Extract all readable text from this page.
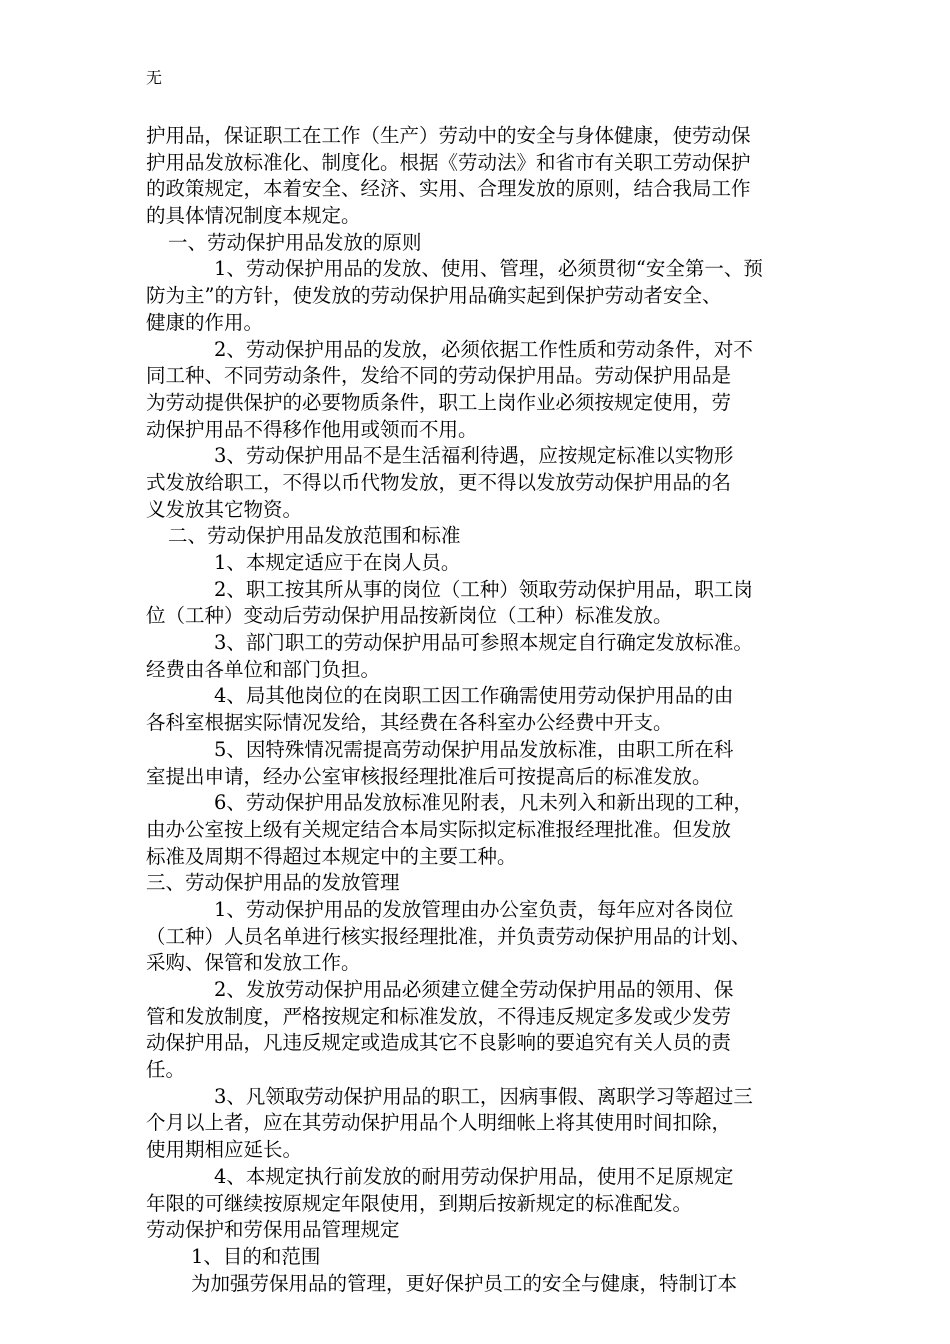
无
护用品，保证职工在工作（生产）劳动中的安全与身体健康，使劳动保
护用品发放标准化、制度化。根据《劳动法》和省市有关职工劳动保护
的政策规定，本着安全、经济、实用、合理发放的原则，结合我局工作
的具体情况制度本规定。
一、劳动保护用品发放的原则
1、劳动保护用品的发放、使用、管理，必须贯彻“安全第一、预
防为主”的方针，使发放的劳动保护用品确实起到保护劳动者安全、
健康的作用。
2、劳动保护用品的发放，必须依据工作性质和劳动条件，对不
同工种、不同劳动条件，发给不同的劳动保护用品。劳动保护用品是
为劳动提供保护的必要物质条件，职工上岗作业必须按规定使用，劳
动保护用品不得移作他用或领而不用。
3、劳动保护用品不是生活福利待遇，应按规定标准以实物形
式发放给职工，不得以币代物发放，更不得以发放劳动保护用品的名
义发放其它物资。
二、劳动保护用品发放范围和标准
1、本规定适应于在岗人员。
2、职工按其所从事的岗位（工种）领取劳动保护用品，职工岗
位（工种）变动后劳动保护用品按新岗位（工种）标准发放。
3、部门职工的劳动保护用品可参照本规定自行确定发放标准。
经费由各单位和部门负担。
4、局其他岗位的在岗职工因工作确需使用劳动保护用品的由
各科室根据实际情况发给，其经费在各科室办公经费中开支。
5、因特殊情况需提高劳动保护用品发放标准，由职工所在科
室提出申请，经办公室审核报经理批准后可按提高后的标准发放。
6、劳动保护用品发放标准见附表，凡未列入和新出现的工种，
由办公室按上级有关规定结合本局实际拟定标准报经理批准。但发放
标准及周期不得超过本规定中的主要工种。
三、劳动保护用品的发放管理
1、劳动保护用品的发放管理由办公室负责，每年应对各岗位
（工种）人员名单进行核实报经理批准，并负责劳动保护用品的计划、
采购、保管和发放工作。
2、发放劳动保护用品必须建立健全劳动保护用品的领用、保
管和发放制度，严格按规定和标准发放，不得违反规定多发或少发劳
动保护用品，凡违反规定或造成其它不良影响的要追究有关人员的责
任。
3、凡领取劳动保护用品的职工，因病事假、离职学习等超过三
个月以上者，应在其劳动保护用品个人明细帐上将其使用时间扣除，
使用期相应延长。
4、本规定执行前发放的耐用劳动保护用品，使用不足原规定
年限的可继续按原规定年限使用，到期后按新规定的标准配发。
劳动保护和劳保用品管理规定
1、目的和范围
为加强劳保用品的管理，更好保护员工的安全与健康，特制订本
